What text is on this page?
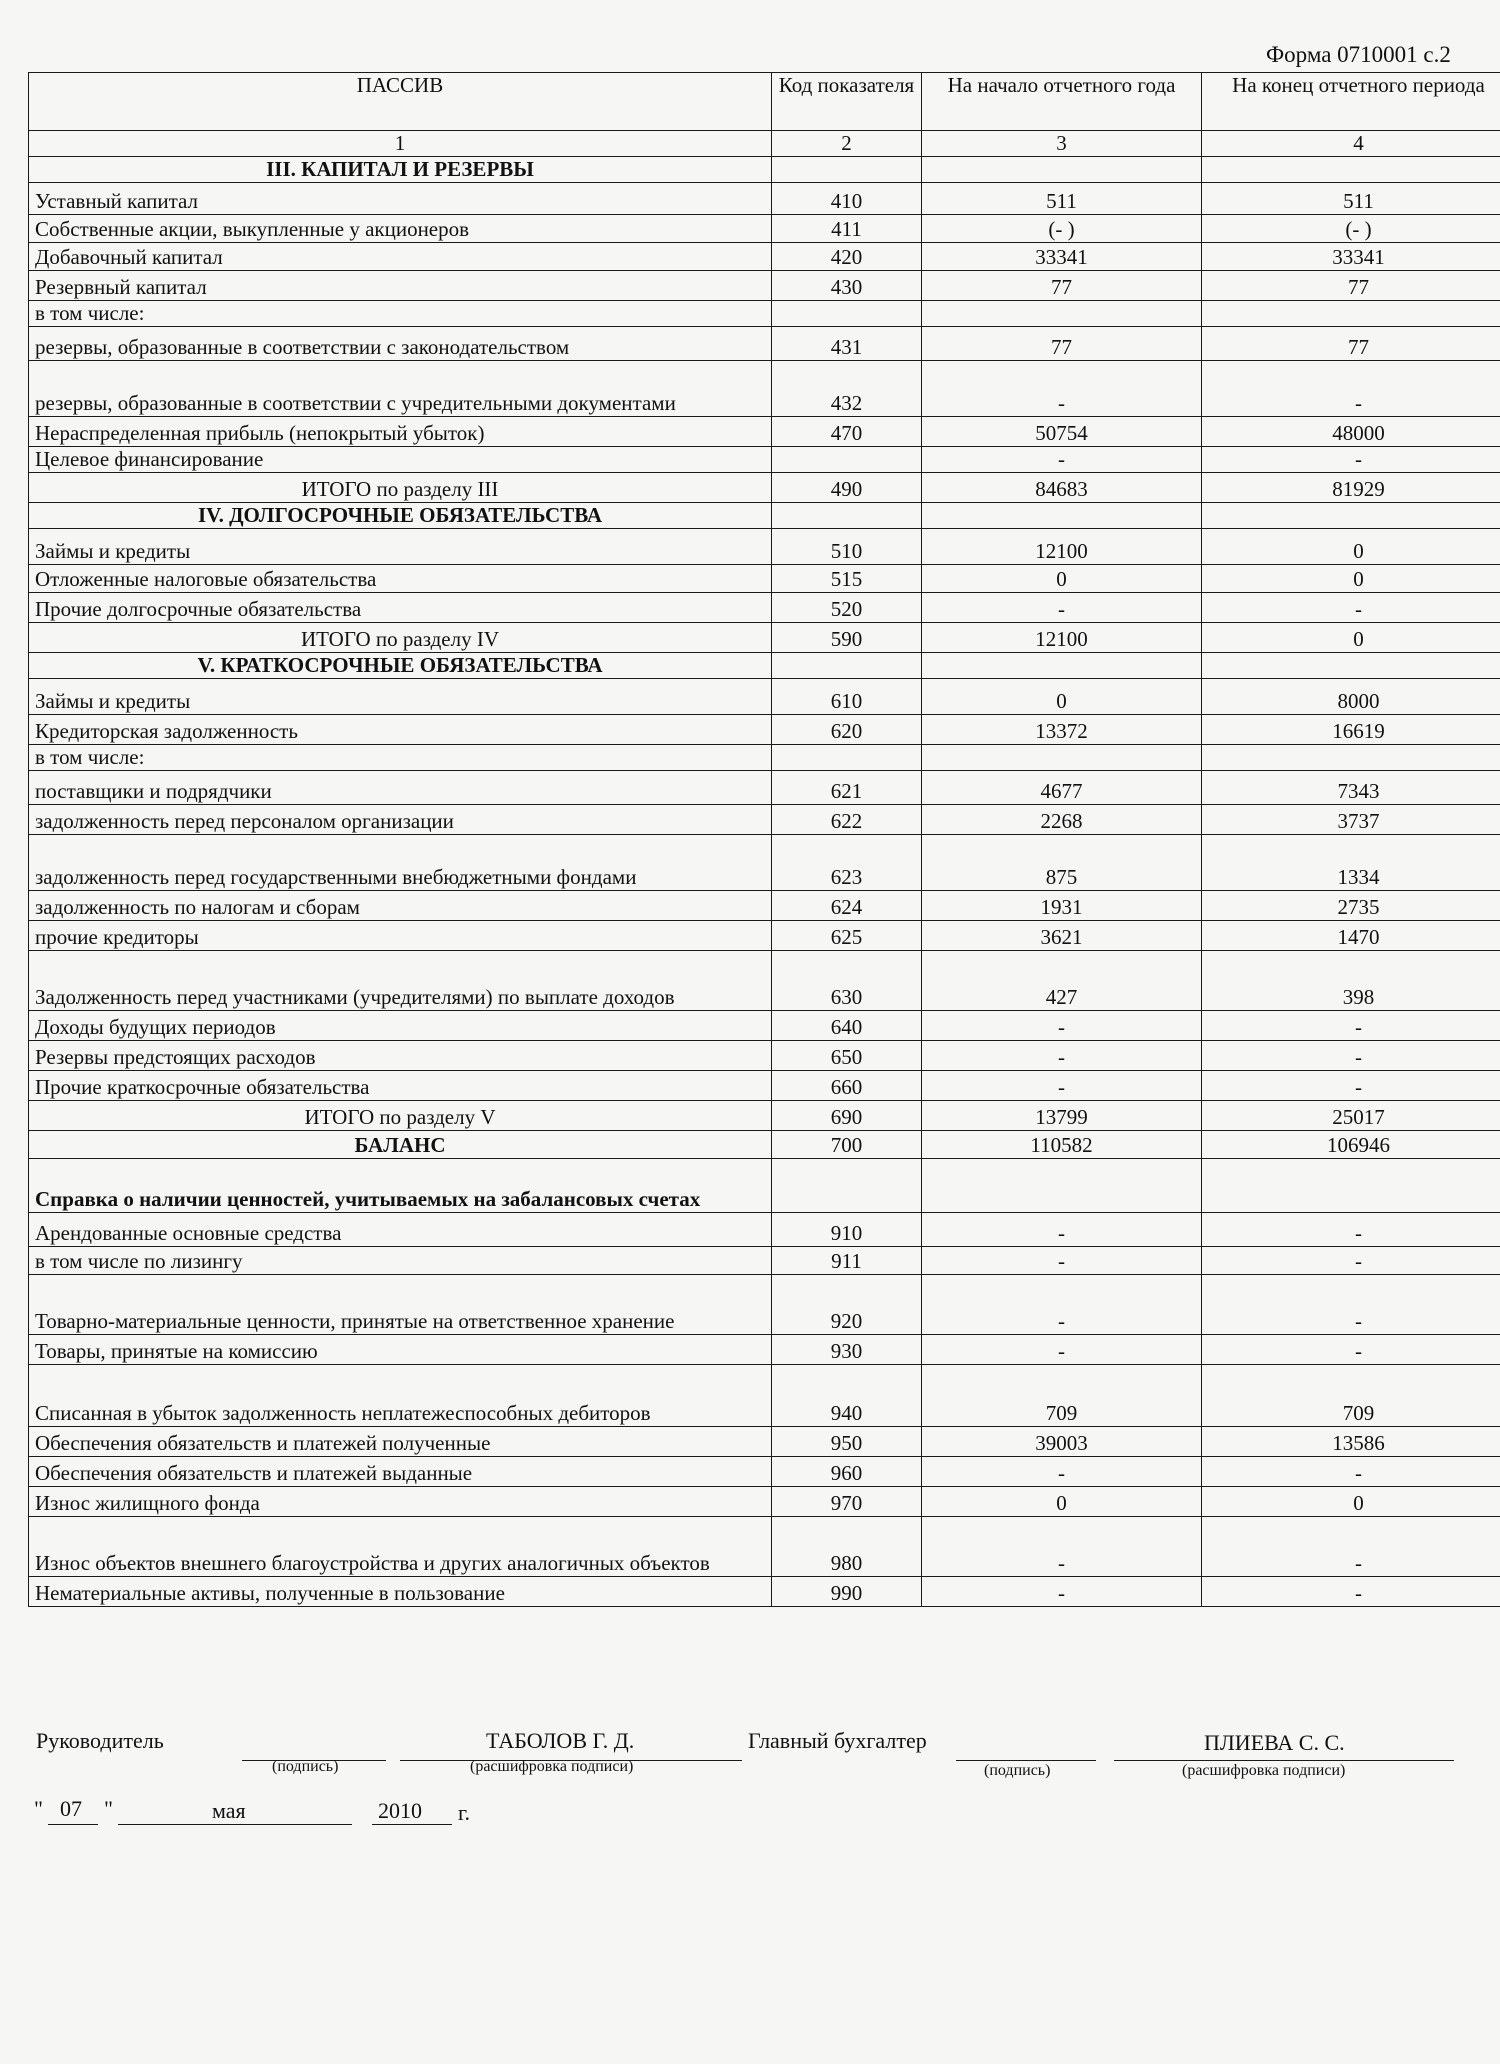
Форма 0710001 с.2
ПАССИВ	Код показателя	На начало отчетного года	На конец отчетного периода
1	2	3	4
III. КАПИТАЛ И РЕЗЕРВЫ			
Уставный капитал	410	511	511
Собственные акции, выкупленные у акционеров	411	(- )	(- )
Добавочный капитал	420	33341	33341
Резервный капитал	430	77	77
в том числе:			
резервы, образованные в соответствии с законодательством	431	77	77
резервы, образованные в соответствии с учредительными документами	432	-	-
Нераспределенная прибыль (непокрытый убыток)	470	50754	48000
Целевое финансирование		-	-
ИТОГО по разделу III	490	84683	81929
IV. ДОЛГОСРОЧНЫЕ ОБЯЗАТЕЛЬСТВА			
Займы и кредиты	510	12100	0
Отложенные налоговые обязательства	515	0	0
Прочие долгосрочные обязательства	520	-	-
ИТОГО по разделу IV	590	12100	0
V. КРАТКОСРОЧНЫЕ ОБЯЗАТЕЛЬСТВА			
Займы и кредиты	610	0	8000
Кредиторская задолженность	620	13372	16619
в том числе:			
поставщики и подрядчики	621	4677	7343
задолженность перед персоналом организации	622	2268	3737
задолженность перед государственными внебюджетными фондами	623	875	1334
задолженность по налогам и сборам	624	1931	2735
прочие кредиторы	625	3621	1470
Задолженность перед участниками (учредителями) по выплате доходов	630	427	398
Доходы будущих периодов	640	-	-
Резервы предстоящих расходов	650	-	-
Прочие краткосрочные обязательства	660	-	-
ИТОГО по разделу V	690	13799	25017
БАЛАНС	700	110582	106946
Справка о наличии ценностей, учитываемых на забалансовых счетах			
Арендованные основные средства	910	-	-
в том числе по лизингу	911	-	-
Товарно-материальные ценности, принятые на ответственное хранение	920	-	-
Товары, принятые на комиссию	930	-	-
Списанная в убыток задолженность неплатежеспособных дебиторов	940	709	709
Обеспечения обязательств и платежей полученные	950	39003	13586
Обеспечения обязательств и платежей выданные	960	-	-
Износ жилищного фонда	970	0	0
Износ объектов внешнего благоустройства и других аналогичных объектов	980	-	-
Нематериальные активы, полученные в пользование	990	-	-
Руководитель
(подпись)
ТАБОЛОВ Г. Д.
(расшифровка подписи)
Главный бухгалтер
(подпись)
ПЛИЕВА С. С.
(расшифровка подписи)
" 07 "	мая	2010 г.
